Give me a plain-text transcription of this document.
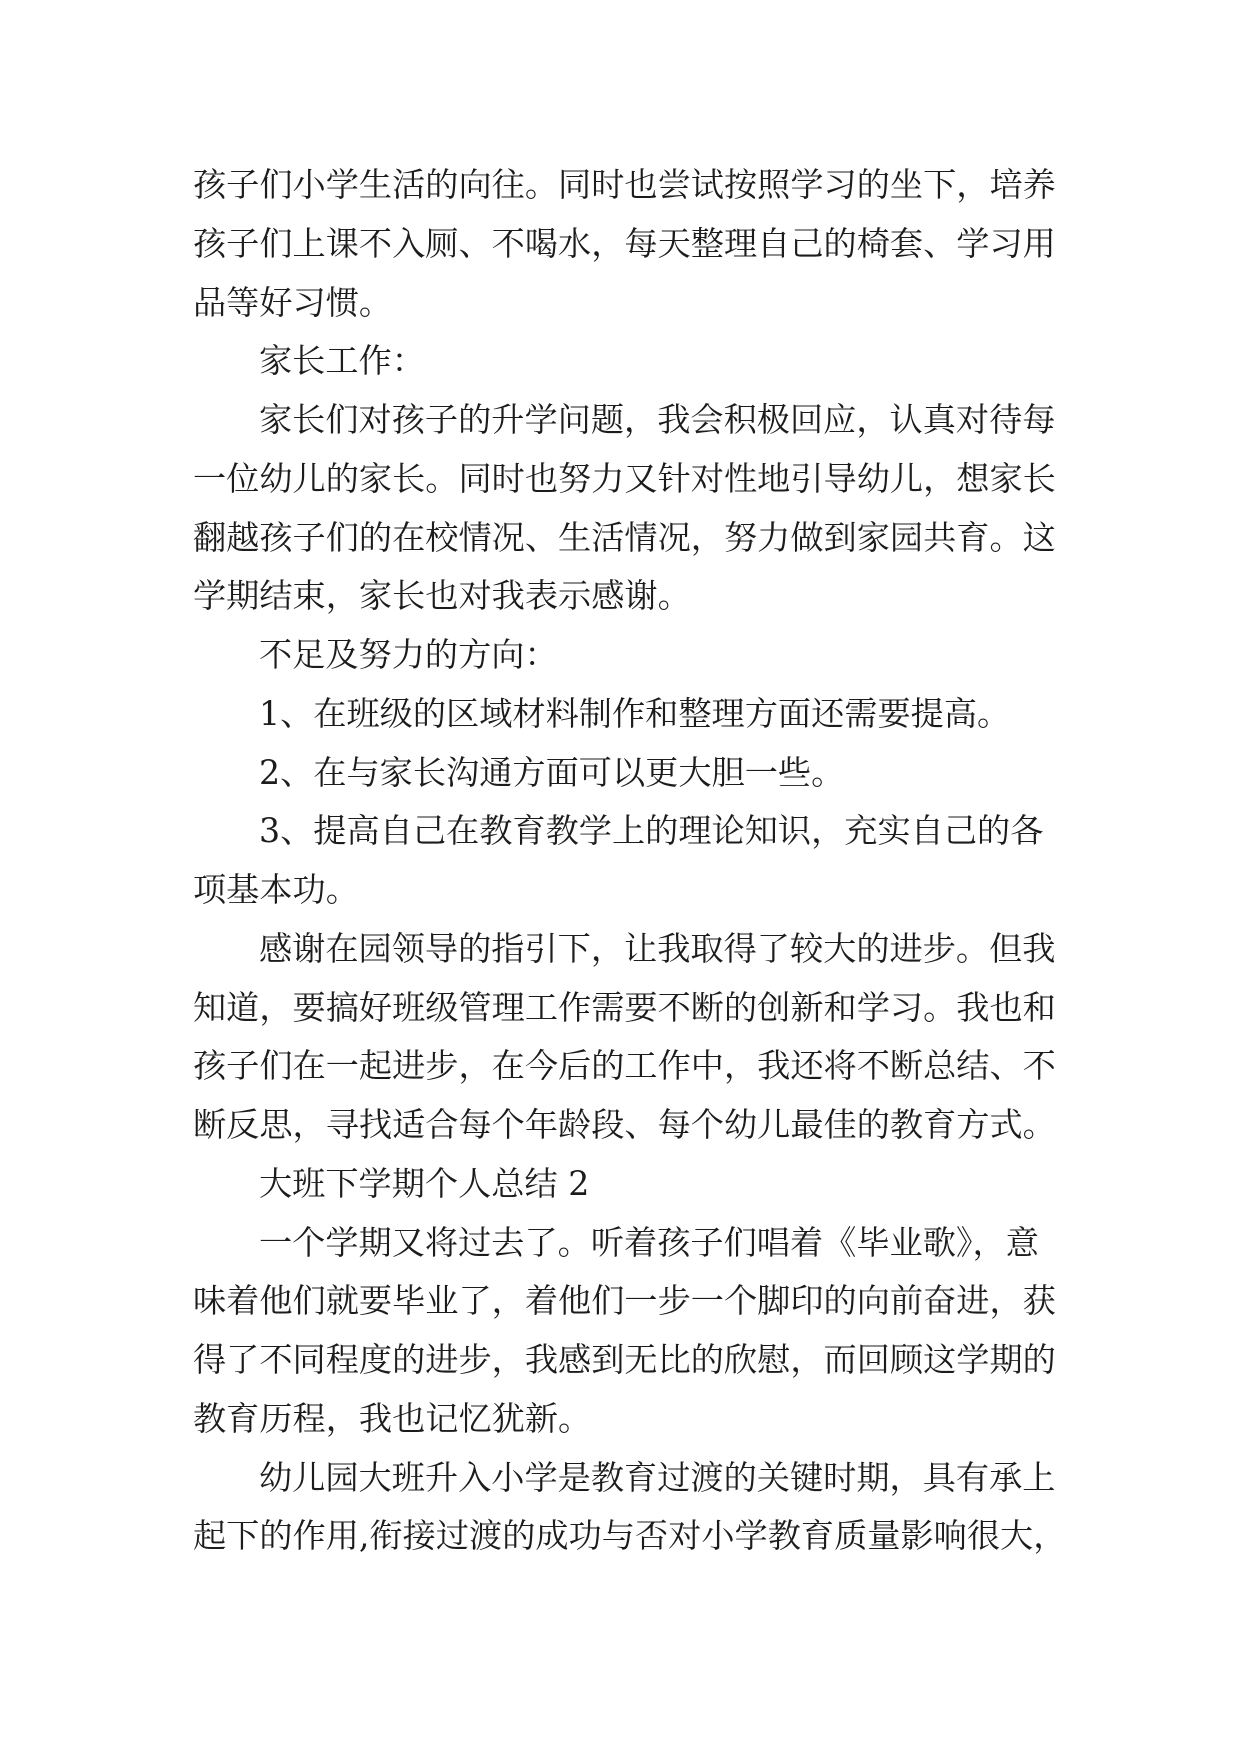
孩子们小学生活的向往。同时也尝试按照学习的坐下，培养
孩子们上课不入厕、不喝水，每天整理自己的椅套、学习用
品等好习惯。
家长工作：
家长们对孩子的升学问题，我会积极回应，认真对待每
一位幼儿的家长。同时也努力又针对性地引导幼儿，想家长
翻越孩子们的在校情况、生活情况，努力做到家园共育。这
学期结束，家长也对我表示感谢。
不足及努力的方向：
1、在班级的区域材料制作和整理方面还需要提高。
2、在与家长沟通方面可以更大胆一些。
3、提高自己在教育教学上的理论知识，充实自己的各
项基本功。
感谢在园领导的指引下，让我取得了较大的进步。但我
知道，要搞好班级管理工作需要不断的创新和学习。我也和
孩子们在一起进步，在今后的工作中，我还将不断总结、不
断反思，寻找适合每个年龄段、每个幼儿最佳的教育方式。
大班下学期个人总结 2
一个学期又将过去了。听着孩子们唱着《毕业歌》，意
味着他们就要毕业了，着他们一步一个脚印的向前奋进，获
得了不同程度的进步，我感到无比的欣慰，而回顾这学期的
教育历程，我也记忆犹新。
幼儿园大班升入小学是教育过渡的关键时期，具有承上
起下的作用,衔接过渡的成功与否对小学教育质量影响很大，
